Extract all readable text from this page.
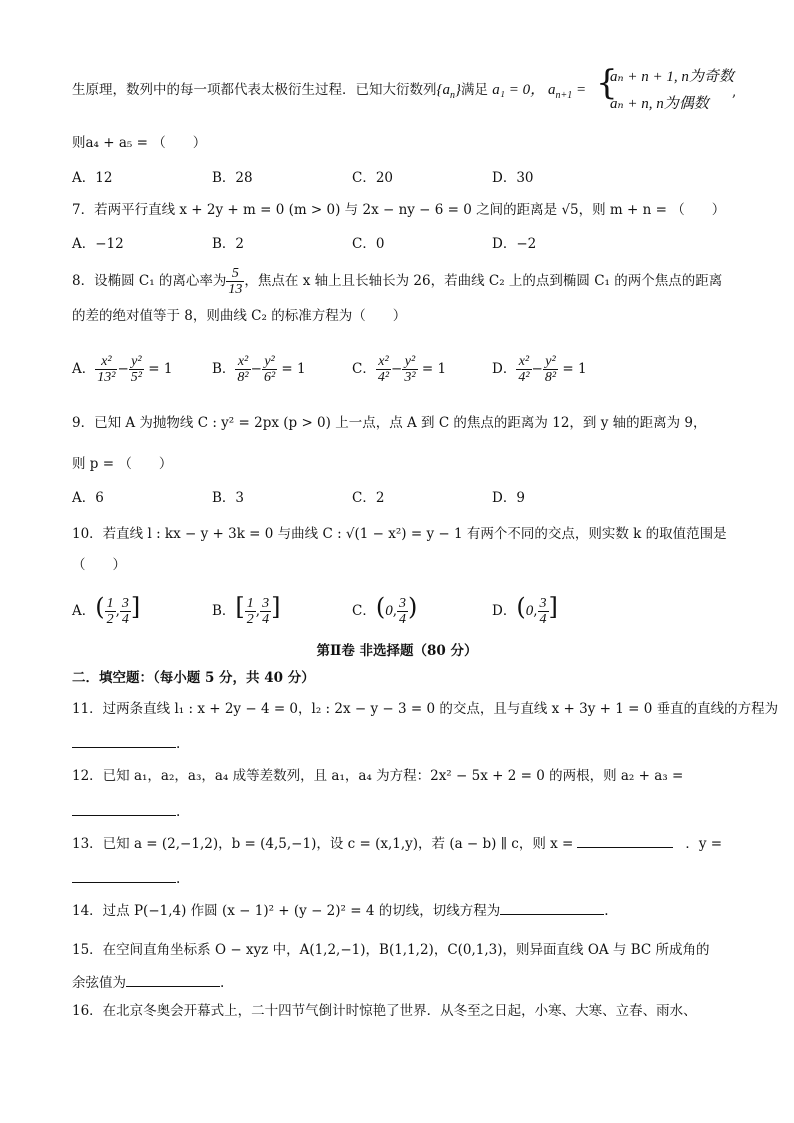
生原理，数列中的每一项都代表太极衍生过程．已知大衍数列$\{a_n\}$满足 a₁ = 0， $a_{n+1}$ = {
aₙ + n + 1, n为奇数
aₙ + n, n为偶数
,
则a₄ + a₅ = （　　）
A．12	B．28	C．20	D．30
7．若两平行直线 x + 2y + m = 0 (m > 0) 与 2x − ny − 6 = 0 之间的距离是 √5，则 m + n = （　　）
A．−12	B．2	C．0	D．−2
8．设椭圆 C₁ 的离心率为 $\frac{5}{13}$ ，焦点在 x 轴上且长轴长为 26，若曲线 C₂ 上的点到椭圆 C₁ 的两个焦点的距离
的差的绝对值等于 8，则曲线 C₂ 的标准方程为（　　）
A． $\frac{\text{x²}}{\text{13²}} - \frac{\text{y²}}{\text{5²}} = 1$	B． $\frac{\text{x²}}{\text{8²}} - \frac{\text{y²}}{\text{6²}} = 1$	C． $\frac{\text{x²}}{\text{4²}} - \frac{\text{y²}}{\text{3²}} = 1$	D． $\frac{\text{x²}}{\text{4²}} - \frac{\text{y²}}{\text{8²}} = 1$
9．已知 A 为抛物线 C : y² = 2px (p > 0) 上一点，点 A 到 C 的焦点的距离为 12，到 y 轴的距离为 9，
则 p = （　　）
A．6	B．3	C．2	D．9
10．若直线 l : kx − y + 3k = 0 与曲线 C : √(1 − x²) = y − 1 有两个不同的交点，则实数 k 的取值范围是
（　　）
A．( $\frac{1}{2}$ , $\frac{3}{4}$ ]	B．[ $\frac{1}{2}$ , $\frac{3}{4}$ ]	C．(0, $\frac{3}{4}$ )	D．(0, $\frac{3}{4}$ ]
第Ⅱ卷 非选择题（80 分）
二．填空题：（每小题 5 分，共 40 分）
11．过两条直线 l₁ : x + 2y − 4 = 0，l₂ : 2x − y − 3 = 0 的交点，且与直线 x + 3y + 1 = 0 垂直的直线的方程为
.
12．已知 a₁，a₂，a₃，a₄ 成等差数列，且 a₁，a₄ 为方程：2x² − 5x + 2 = 0 的两根，则 a₂ + a₃ =
.
13．已知 a = (2,−1,2)，b = (4,5,−1)，设 c = (x,1,y)，若 (a − b) ∥ c，则 x =	．y =
.
14．过点 P(−1,4) 作圆 (x − 1)² + (y − 2)² = 4 的切线，切线方程为	.
15．在空间直角坐标系 O − xyz 中，A(1,2,−1)，B(1,1,2)，C(0,1,3)，则异面直线 OA 与 BC 所成角的
余弦值为	.
16．在北京冬奥会开幕式上，二十四节气倒计时惊艳了世界．从冬至之日起，小寒、大寒、立春、雨水、
